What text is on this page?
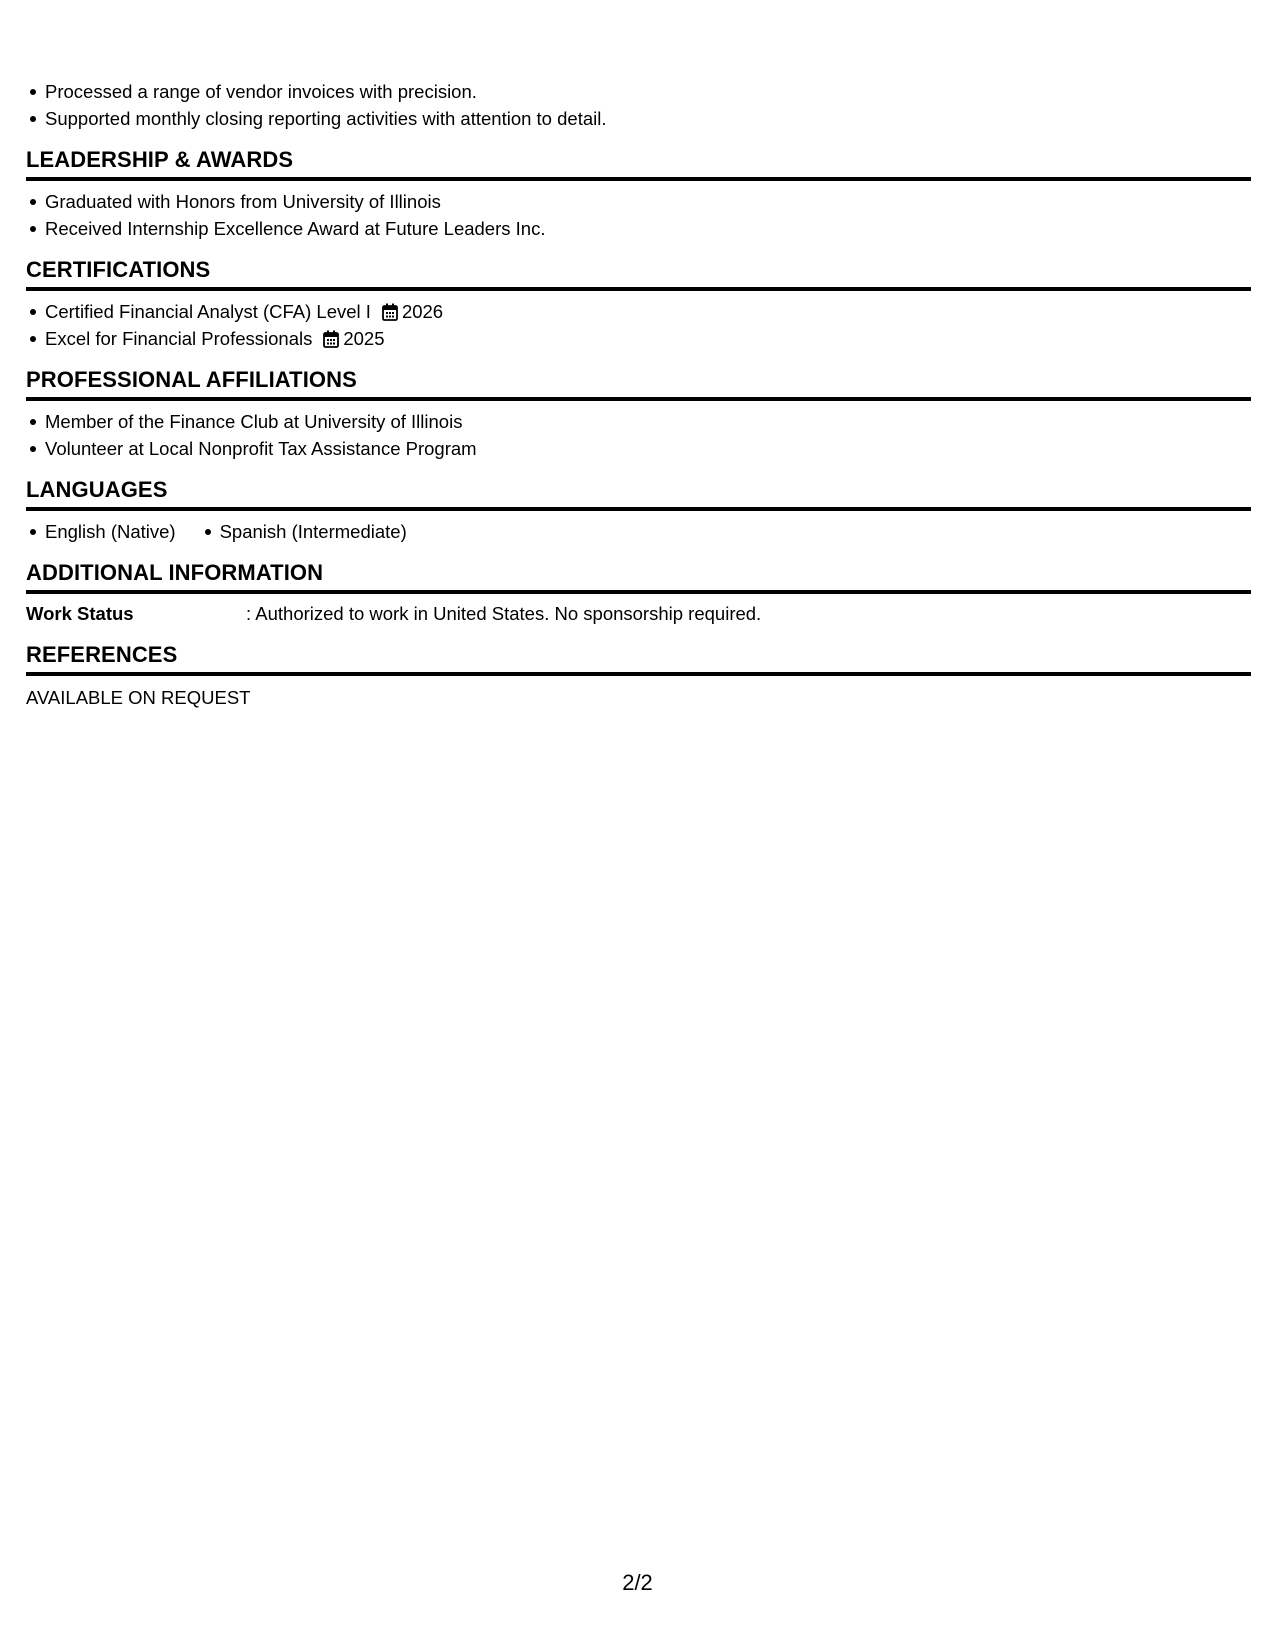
Processed a range of vendor invoices with precision.
Supported monthly closing reporting activities with attention to detail.
LEADERSHIP & AWARDS
Graduated with Honors from University of Illinois
Received Internship Excellence Award at Future Leaders Inc.
CERTIFICATIONS
Certified Financial Analyst (CFA) Level I 2026
Excel for Financial Professionals 2025
PROFESSIONAL AFFILIATIONS
Member of the Finance Club at University of Illinois
Volunteer at Local Nonprofit Tax Assistance Program
LANGUAGES
English (Native) Spanish (Intermediate)
ADDITIONAL INFORMATION
Work Status	: Authorized to work in United States. No sponsorship required.
REFERENCES
AVAILABLE ON REQUEST
2/2
